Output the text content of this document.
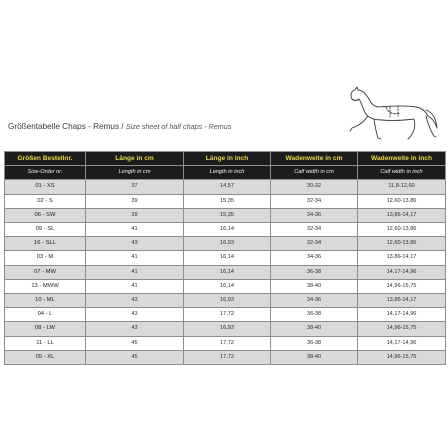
Größentabelle Chaps - Remus / Size sheet of half chaps - Remus
Größen Bestellnr.	Länge in cm	Länge in inch	Wadenweite in cm	Wadenweite in inch
Size-Order nr.	Length in cm	Length in inch	Calf width in cm	Calf width in inch
01 - XS	37	14,57	30-32	11,8-12,60
02 - S	39	15,35	32-34	12,60-13,86
06 - SW	39	15,35	34-36	13,86-14,17
09 - SL	41	16,14	32-34	12,60-13,86
16 - SLL	43	16,93	32-34	12,60-13,86
03 - M	41	16,14	34-36	13,86-14,17
07 - MW	41	16,14	36-38	14,17-14,96
13 - MWW	41	16,14	38-40	14,96-15,75
10 - ML	43	16,93	34-36	13,86-14,17
04 - L	43	17,72	36-38	14,17-14,96
08 - LW	43	16,93	38-40	14,96-15,75
11 - LL	45	17,72	36-38	14,17-14,96
05 - XL	45	17,72	38-40	14,96-15,75
